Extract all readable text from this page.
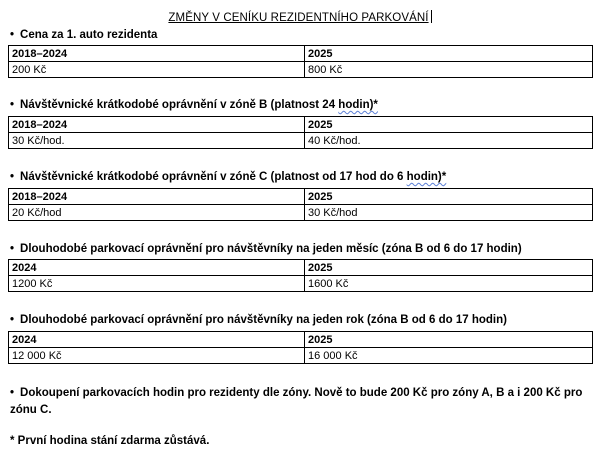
ZMĚNY V CENÍKU REZIDENTNÍHO PARKOVÁNÍ
• Cena za 1. auto rezidenta
2018–2024	2025
200 Kč	800 Kč
• Návštěvnické krátkodobé oprávnění v zóně B (platnost 24 hodin)*
2018–2024	2025
30 Kč/hod.	40 Kč/hod.
• Návštěvnické krátkodobé oprávnění v zóně C (platnost od 17 hod do 6 hodin)*
2018–2024	2025
20 Kč/hod	30 Kč/hod
• Dlouhodobé parkovací oprávnění pro návštěvníky na jeden měsíc (zóna B od 6 do 17 hodin)
2024	2025
1200 Kč	1600 Kč
• Dlouhodobé parkovací oprávnění pro návštěvníky na jeden rok (zóna B od 6 do 17 hodin)
2024	2025
12 000 Kč	16 000 Kč
• Dokoupení parkovacích hodin pro rezidenty dle zóny. Nově to bude 200 Kč pro zóny A, B a i 200 Kč pro zónu C.
* První hodina stání zdarma zůstává.
